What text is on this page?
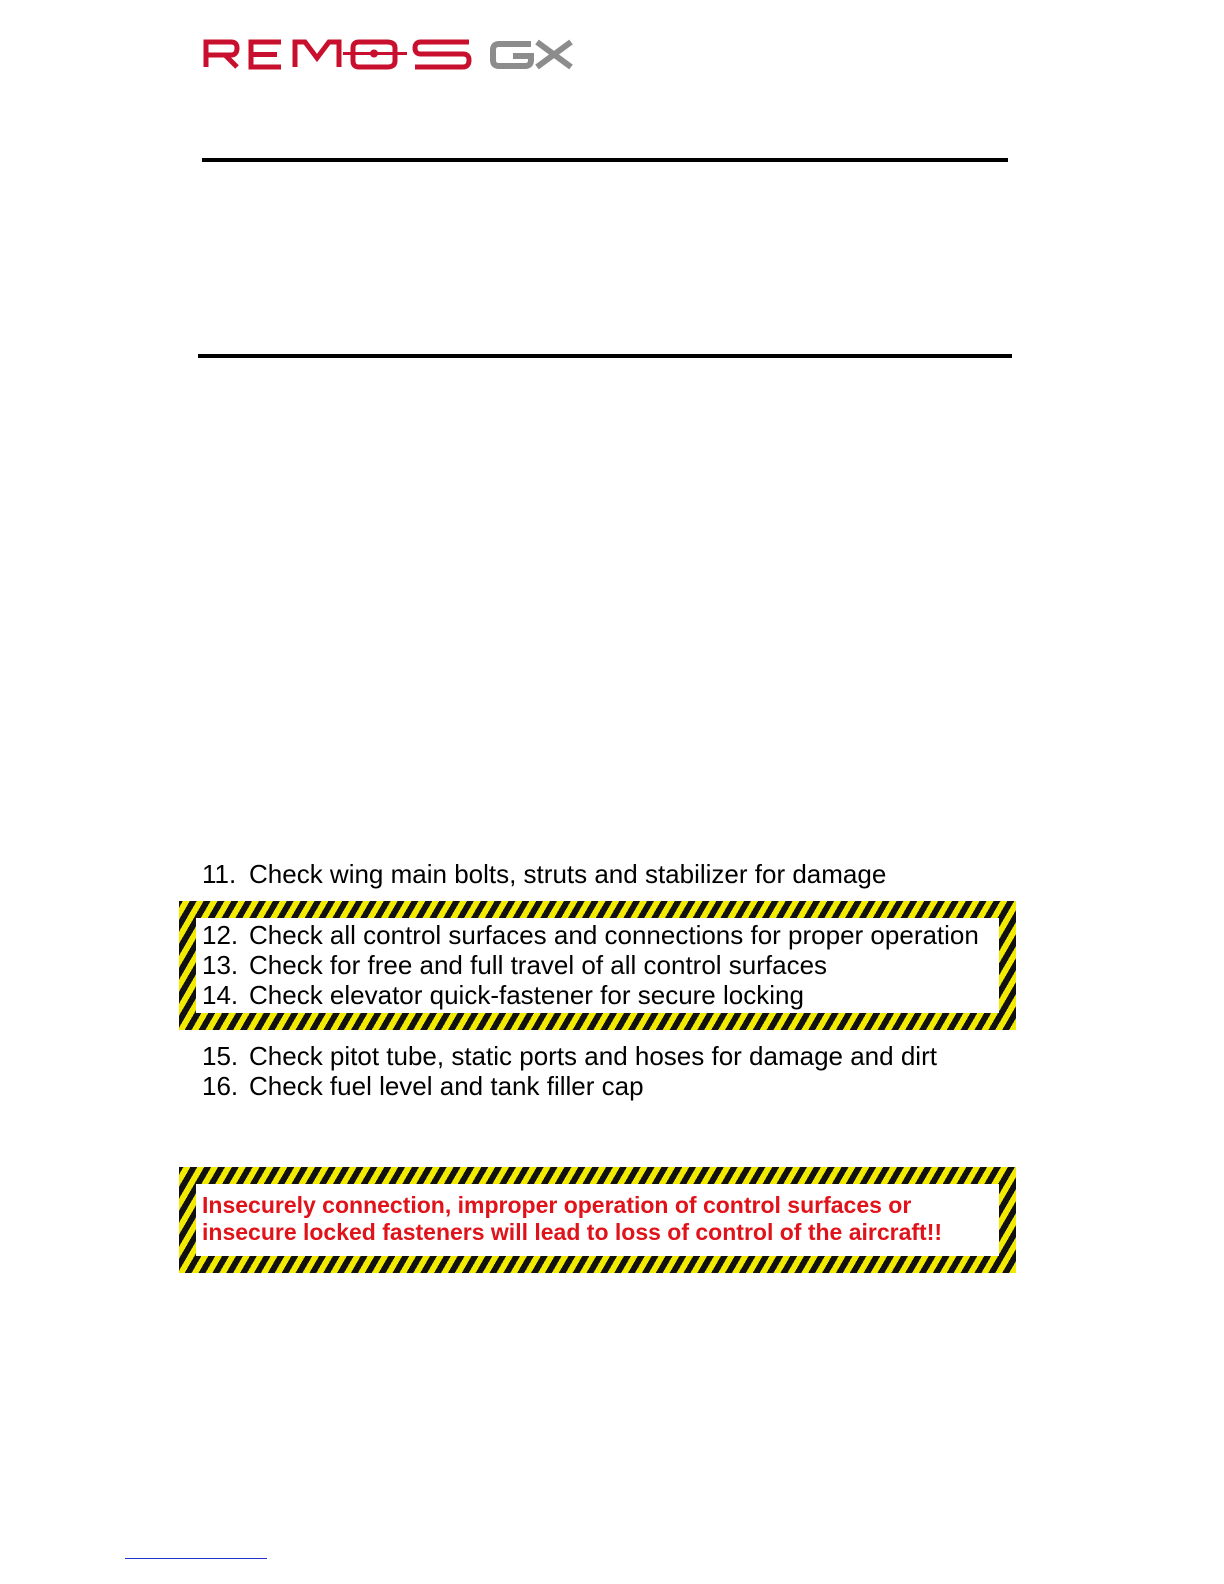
11. Check wing main bolts, struts and stabilizer for damage
12. Check all control surfaces and connections for proper operation
13. Check for free and full travel of all control surfaces
14. Check elevator quick-fastener for secure locking
15. Check pitot tube, static ports and hoses for damage and dirt
16. Check fuel level and tank filler cap
Insecurely connection, improper operation of control surfaces or
insecure locked fasteners will lead to loss of control of the aircraft!!
